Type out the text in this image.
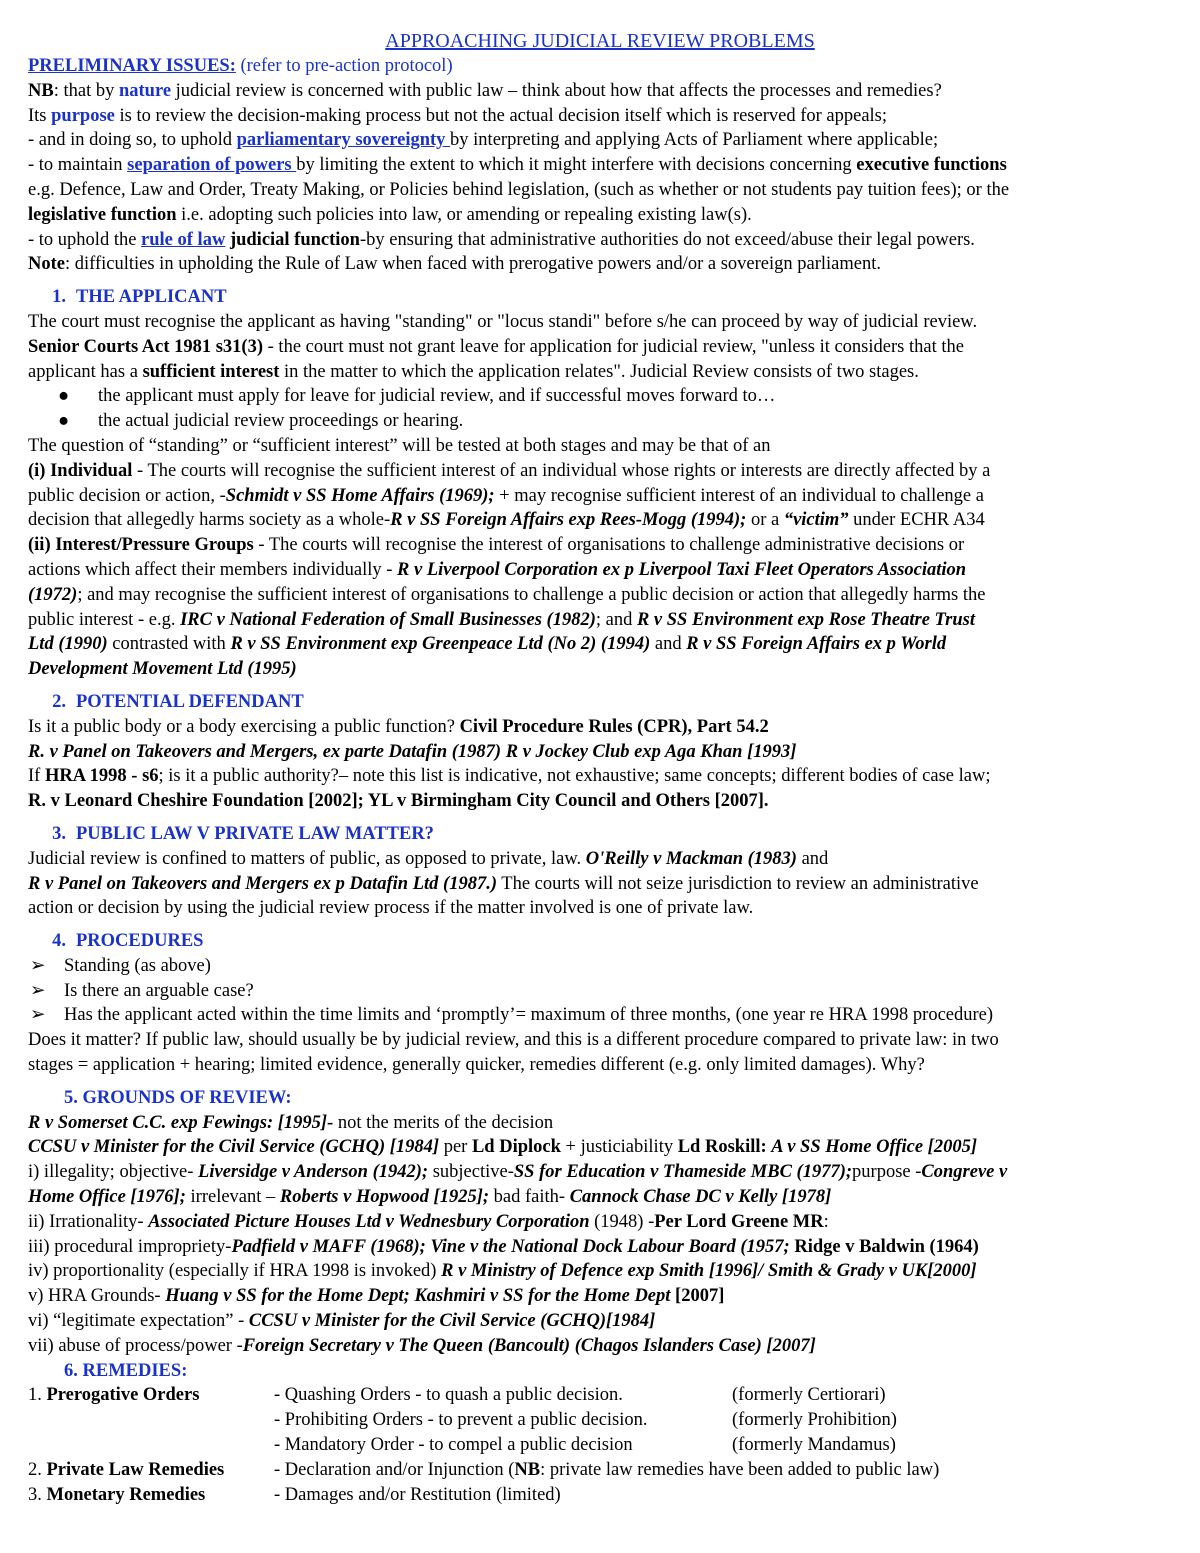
APPROACHING JUDICIAL REVIEW PROBLEMS
PRELIMINARY ISSUES: (refer to pre-action protocol)
NB: that by nature judicial review is concerned with public law – think about how that affects the processes and remedies?
Its purpose is to review the decision-making process but not the actual decision itself which is reserved for appeals;
- and in doing so, to uphold parliamentary sovereignty by interpreting and applying Acts of Parliament where applicable;
- to maintain separation of powers by limiting the extent to which it might interfere with decisions concerning executive functions
e.g. Defence, Law and Order, Treaty Making, or Policies behind legislation, (such as whether or not students pay tuition fees); or the
legislative function i.e. adopting such policies into law, or amending or repealing existing law(s).
- to uphold the rule of law judicial function-by ensuring that administrative authorities do not exceed/abuse their legal powers.
Note: difficulties in upholding the Rule of Law when faced with prerogative powers and/or a sovereign parliament.
1. THE APPLICANT
The court must recognise the applicant as having "standing" or "locus standi" before s/he can proceed by way of judicial review.
Senior Courts Act 1981 s31(3) - the court must not grant leave for application for judicial review, "unless it considers that the
applicant has a sufficient interest in the matter to which the application relates". Judicial Review consists of two stages.
● the applicant must apply for leave for judicial review, and if successful moves forward to…
● the actual judicial review proceedings or hearing.
The question of “standing” or “sufficient interest” will be tested at both stages and may be that of an
(i) Individual - The courts will recognise the sufficient interest of an individual whose rights or interests are directly affected by a
public decision or action, -Schmidt v SS Home Affairs (1969); + may recognise sufficient interest of an individual to challenge a
decision that allegedly harms society as a whole-R v SS Foreign Affairs exp Rees-Mogg (1994); or a “victim” under ECHR A34
(ii) Interest/Pressure Groups - The courts will recognise the interest of organisations to challenge administrative decisions or
actions which affect their members individually - R v Liverpool Corporation ex p Liverpool Taxi Fleet Operators Association
(1972); and may recognise the sufficient interest of organisations to challenge a public decision or action that allegedly harms the
public interest - e.g. IRC v National Federation of Small Businesses (1982); and R v SS Environment exp Rose Theatre Trust
Ltd (1990) contrasted with R v SS Environment exp Greenpeace Ltd (No 2) (1994) and R v SS Foreign Affairs ex p World
Development Movement Ltd (1995)
2. POTENTIAL DEFENDANT
Is it a public body or a body exercising a public function? Civil Procedure Rules (CPR), Part 54.2
R. v Panel on Takeovers and Mergers, ex parte Datafin (1987) R v Jockey Club exp Aga Khan [1993]
If HRA 1998 - s6; is it a public authority?– note this list is indicative, not exhaustive; same concepts; different bodies of case law;
R. v Leonard Cheshire Foundation [2002]; YL v Birmingham City Council and Others [2007].
3. PUBLIC LAW V PRIVATE LAW MATTER?
Judicial review is confined to matters of public, as opposed to private, law. O'Reilly v Mackman (1983) and
R v Panel on Takeovers and Mergers ex p Datafin Ltd (1987.) The courts will not seize jurisdiction to review an administrative
action or decision by using the judicial review process if the matter involved is one of private law.
4. PROCEDURES
➢ Standing (as above)
➢ Is there an arguable case?
➢ Has the applicant acted within the time limits and ‘promptly’= maximum of three months, (one year re HRA 1998 procedure)
Does it matter? If public law, should usually be by judicial review, and this is a different procedure compared to private law: in two
stages = application + hearing; limited evidence, generally quicker, remedies different (e.g. only limited damages). Why?
5. GROUNDS OF REVIEW:
R v Somerset C.C. exp Fewings: [1995]- not the merits of the decision
CCSU v Minister for the Civil Service (GCHQ) [1984] per Ld Diplock + justiciability Ld Roskill: A v SS Home Office [2005]
i) illegality; objective- Liversidge v Anderson (1942); subjective-SS for Education v Thameside MBC (1977);purpose -Congreve v
Home Office [1976]; irrelevant – Roberts v Hopwood [1925]; bad faith- Cannock Chase DC v Kelly [1978]
ii) Irrationality- Associated Picture Houses Ltd v Wednesbury Corporation (1948) -Per Lord Greene MR:
iii) procedural impropriety-Padfield v MAFF (1968); Vine v the National Dock Labour Board (1957; Ridge v Baldwin (1964)
iv) proportionality (especially if HRA 1998 is invoked) R v Ministry of Defence exp Smith [1996]/ Smith & Grady v UK[2000]
v) HRA Grounds- Huang v SS for the Home Dept; Kashmiri v SS for the Home Dept [2007]
vi) “legitimate expectation” - CCSU v Minister for the Civil Service (GCHQ)[1984]
vii) abuse of process/power -Foreign Secretary v The Queen (Bancoult) (Chagos Islanders Case) [2007]
6. REMEDIES:
1. Prerogative Orders	- Quashing Orders - to quash a public decision.	(formerly Certiorari)
- Prohibiting Orders - to prevent a public decision.	(formerly Prohibition)
- Mandatory Order - to compel a public decision	(formerly Mandamus)
2. Private Law Remedies	- Declaration and/or Injunction (NB: private law remedies have been added to public law)
3. Monetary Remedies	- Damages and/or Restitution (limited)
